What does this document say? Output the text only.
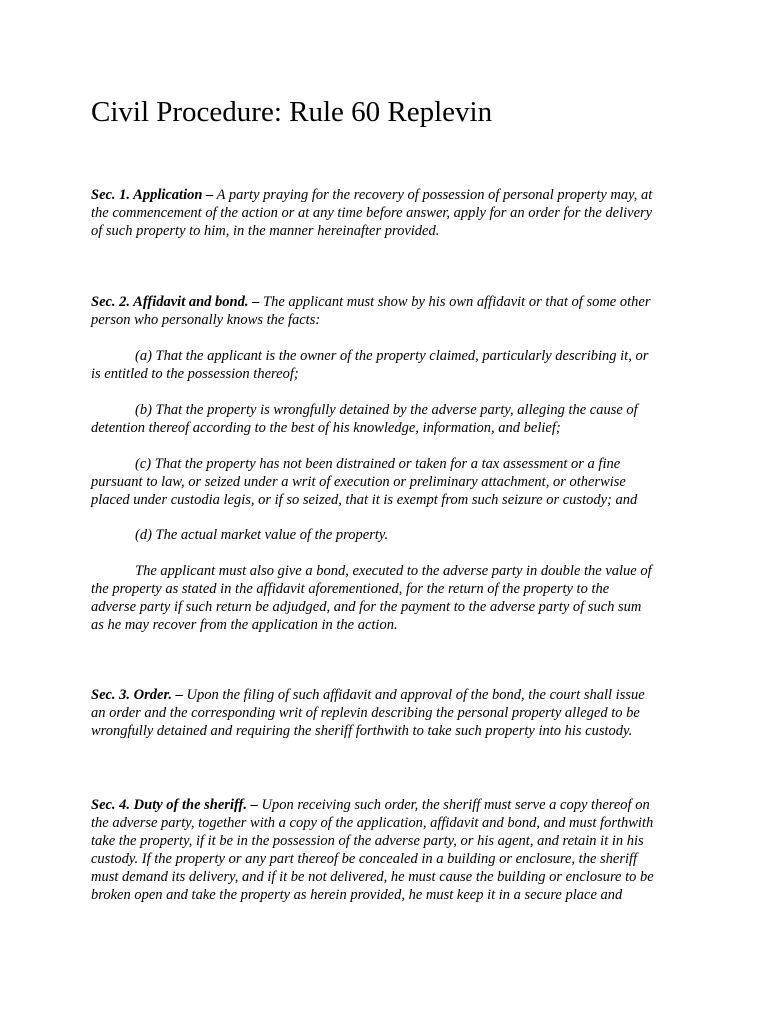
Civil Procedure: Rule 60 Replevin

Sec. 1. Application – A party praying for the recovery of possession of personal property may, at
the commencement of the action or at any time before answer, apply for an order for the delivery
of such property to him, in the manner hereinafter provided.

Sec. 2. Affidavit and bond. – The applicant must show by his own affidavit or that of some other
person who personally knows the facts:

(a) That the applicant is the owner of the property claimed, particularly describing it, or
is entitled to the possession thereof;

(b) That the property is wrongfully detained by the adverse party, alleging the cause of
detention thereof according to the best of his knowledge, information, and belief;

(c) That the property has not been distrained or taken for a tax assessment or a fine
pursuant to law, or seized under a writ of execution or preliminary attachment, or otherwise
placed under custodia legis, or if so seized, that it is exempt from such seizure or custody; and

(d) The actual market value of the property.

The applicant must also give a bond, executed to the adverse party in double the value of
the property as stated in the affidavit aforementioned, for the return of the property to the
adverse party if such return be adjudged, and for the payment to the adverse party of such sum
as he may recover from the application in the action.

Sec. 3. Order. – Upon the filing of such affidavit and approval of the bond, the court shall issue
an order and the corresponding writ of replevin describing the personal property alleged to be
wrongfully detained and requiring the sheriff forthwith to take such property into his custody.

Sec. 4. Duty of the sheriff. – Upon receiving such order, the sheriff must serve a copy thereof on
the adverse party, together with a copy of the application, affidavit and bond, and must forthwith
take the property, if it be in the possession of the adverse party, or his agent, and retain it in his
custody. If the property or any part thereof be concealed in a building or enclosure, the sheriff
must demand its delivery, and if it be not delivered, he must cause the building or enclosure to be
broken open and take the property as herein provided, he must keep it in a secure place and
